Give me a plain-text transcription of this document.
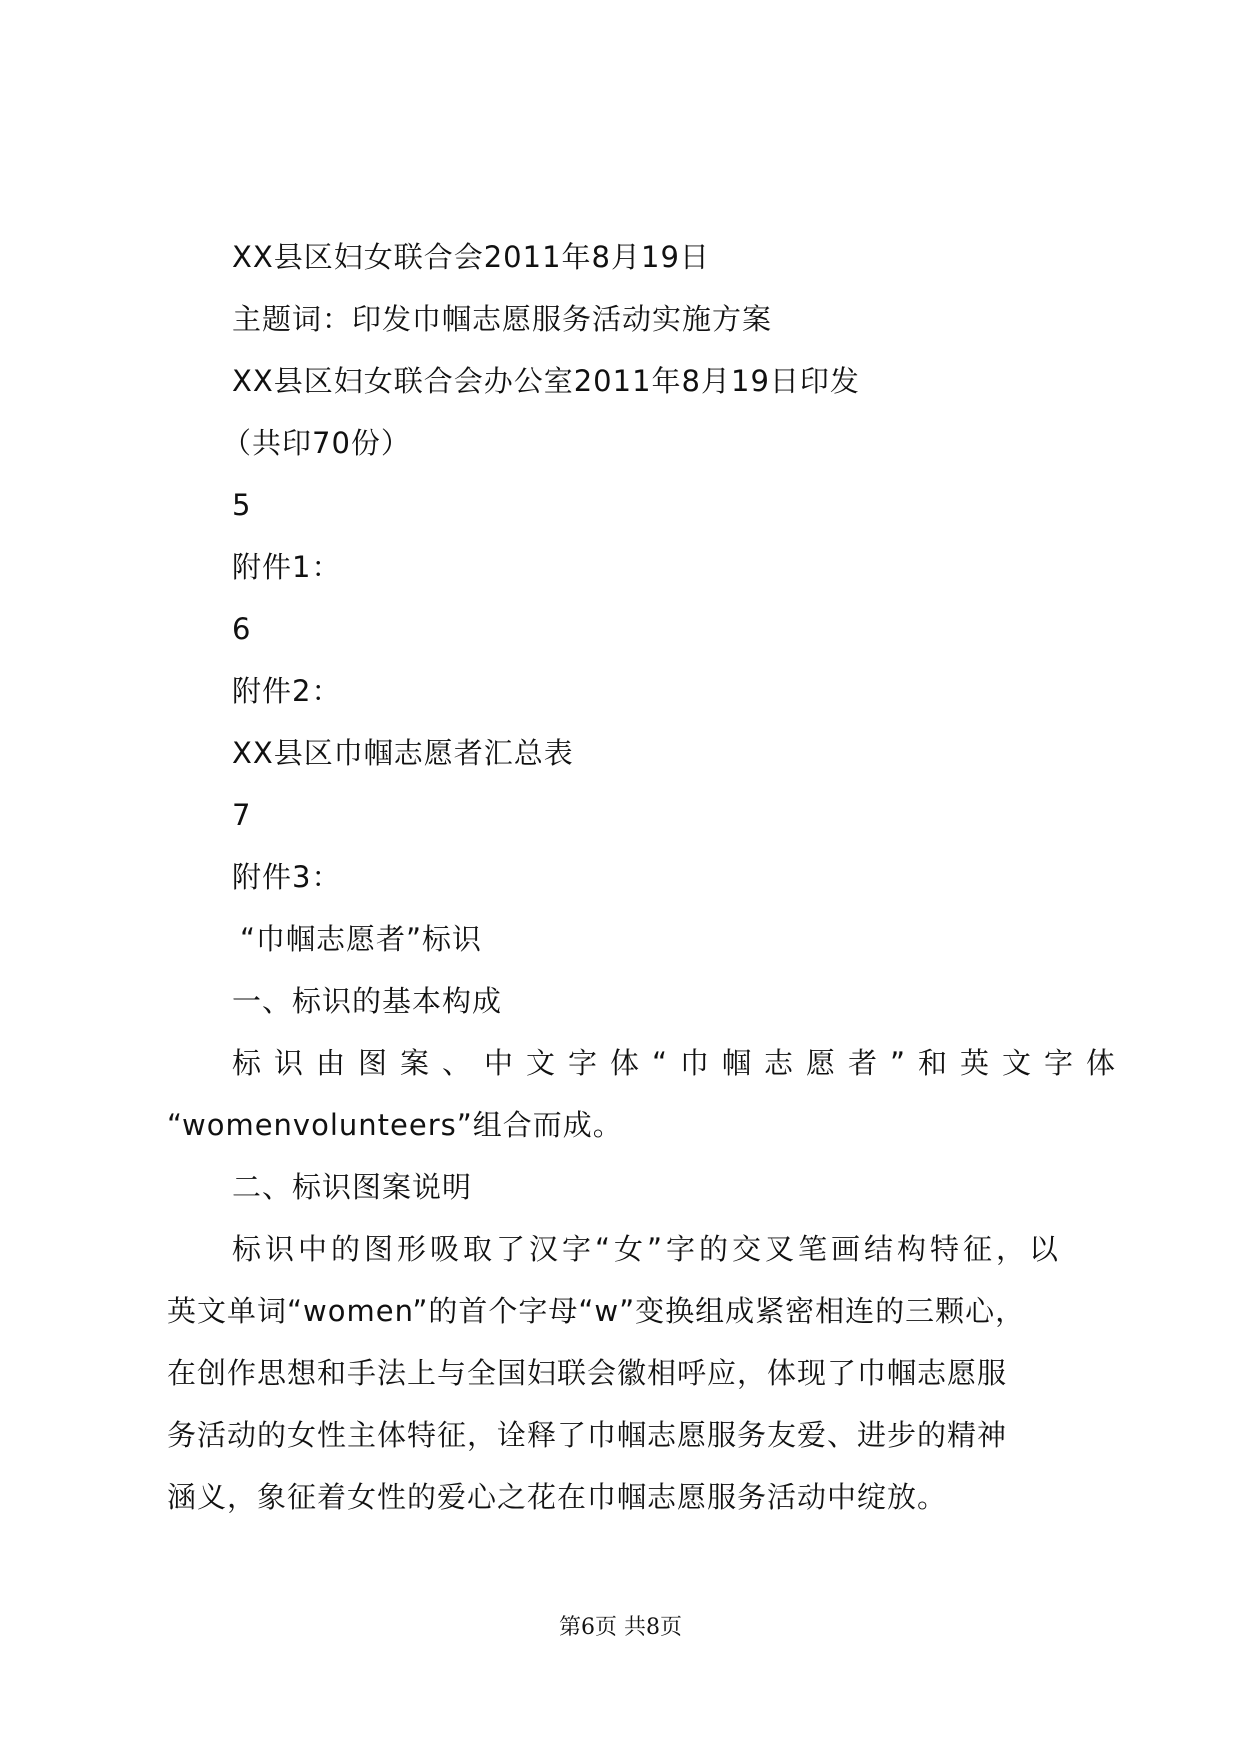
XX县区妇女联合会2011年8月19日
主题词：印发巾帼志愿服务活动实施方案
XX县区妇女联合会办公室2011年8月19日印发
（共印70份）
5
附件1：
6
附件2：
XX县区巾帼志愿者汇总表
7
附件3：
“巾帼志愿者”标识
一、标识的基本构成
标识由图案、中文字体“巾帼志愿者”和英文字体
“womenvolunteers”组合而成。
二、标识图案说明
标识中的图形吸取了汉字“女”字的交叉笔画结构特征，以
英文单词“women”的首个字母“w”变换组成紧密相连的三颗心，
在创作思想和手法上与全国妇联会徽相呼应，体现了巾帼志愿服
务活动的女性主体特征，诠释了巾帼志愿服务友爱、进步的精神
涵义，象征着女性的爱心之花在巾帼志愿服务活动中绽放。
第6页 共8页
